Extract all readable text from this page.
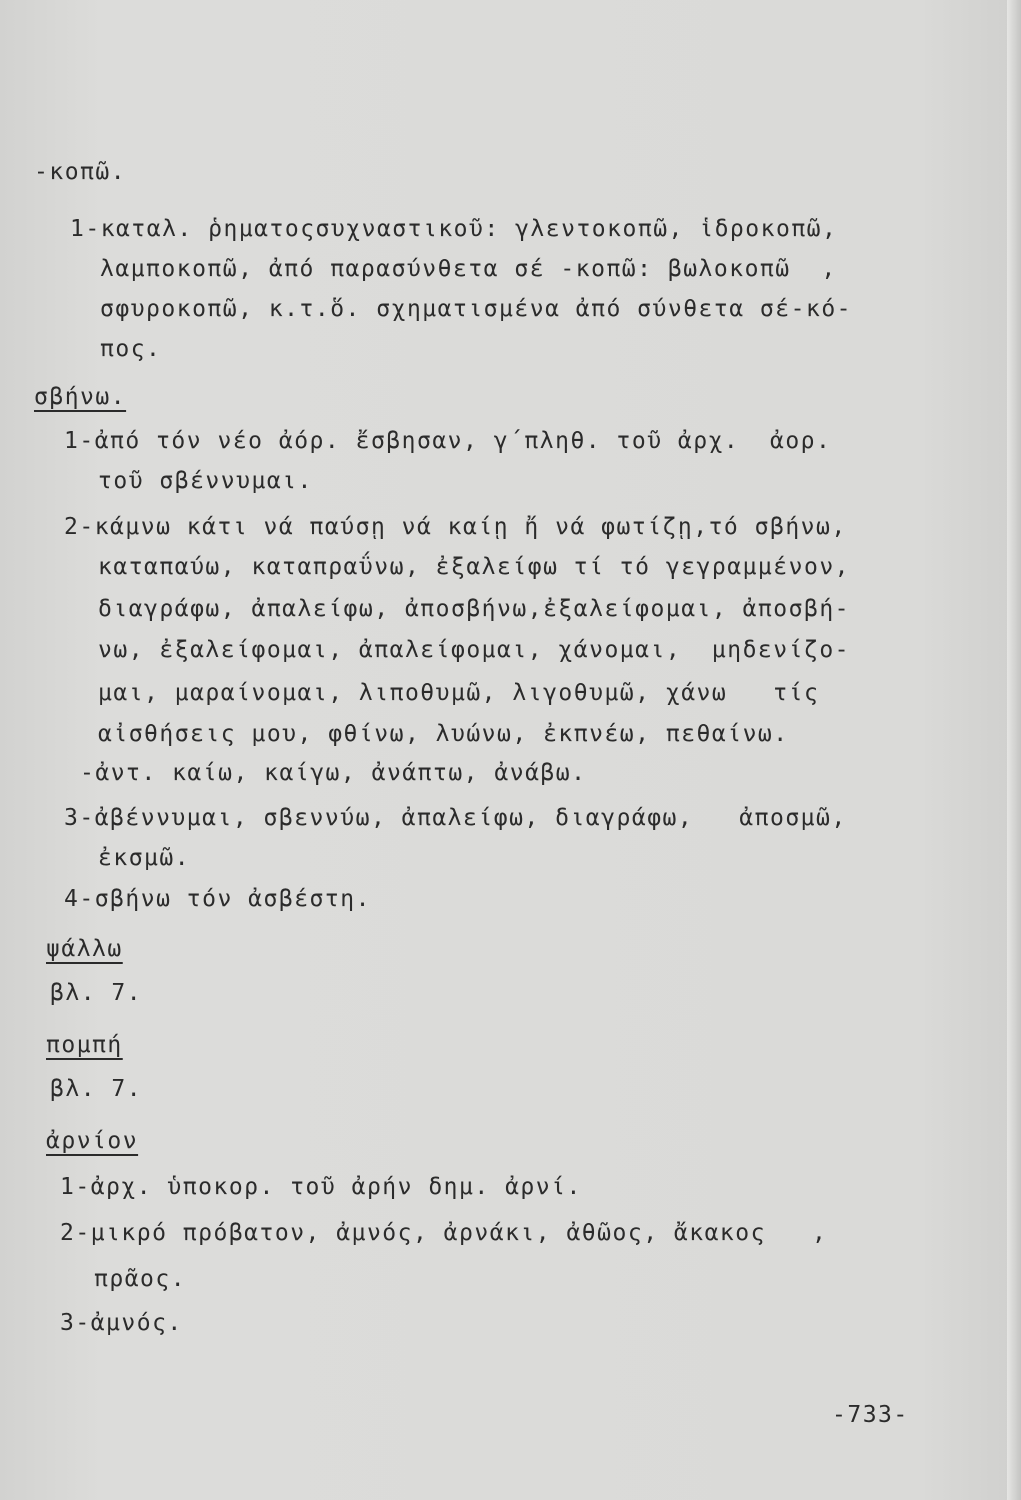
-κοπῶ.
1-καταλ. ῥηματοςσυχναστικοῦ: γλεντοκοπῶ, ἱδροκοπῶ,
λαμποκοπῶ, ἀπό παρασύνθετα σέ -κοπῶ: βωλοκοπῶ  ,
σφυροκοπῶ, κ.τ.ὅ. σχηματισμένα ἀπό σύνθετα σέ-κό-
πος.
σβήνω.
1-ἀπό τόν νέο ἀόρ. ἔσβησαν, γ΄πληθ. τοῦ ἀρχ.  ἀορ.
τοῦ σβέννυμαι.
2-κάμνω κάτι νά παύσῃ νά καίῃ ἤ νά φωτίζῃ,τό σβήνω,
καταπαύω, καταπραΰνω, ἐξαλείφω τί τό γεγραμμένον,
διαγράφω, ἀπαλείφω, ἀποσβήνω,ἐξαλείφομαι, ἀποσβή-
νω, ἐξαλείφομαι, ἀπαλείφομαι, χάνομαι,  μηδενίζο-
μαι, μαραίνομαι, λιποθυμῶ, λιγοθυμῶ, χάνω   τίς
αἰσθήσεις μου, φθίνω, λυώνω, ἐκπνέω, πεθαίνω.
-ἀντ. καίω, καίγω, ἀνάπτω, ἀνάβω.
3-ἀβέννυμαι, σβεννύω, ἀπαλείφω, διαγράφω,   ἀποσμῶ,
ἐκσμῶ.
4-σβήνω τόν ἀσβέστη.
ψάλλω
βλ. 7.
πομπή
βλ. 7.
ἀρνίον
1-ἀρχ. ὑποκορ. τοῦ ἀρήν δημ. ἀρνί.
2-μικρό πρόβατον, ἀμνός, ἀρνάκι, ἀθῶος, ἄκακος   ,
πρᾶος.
3-ἀμνός.
-733-
